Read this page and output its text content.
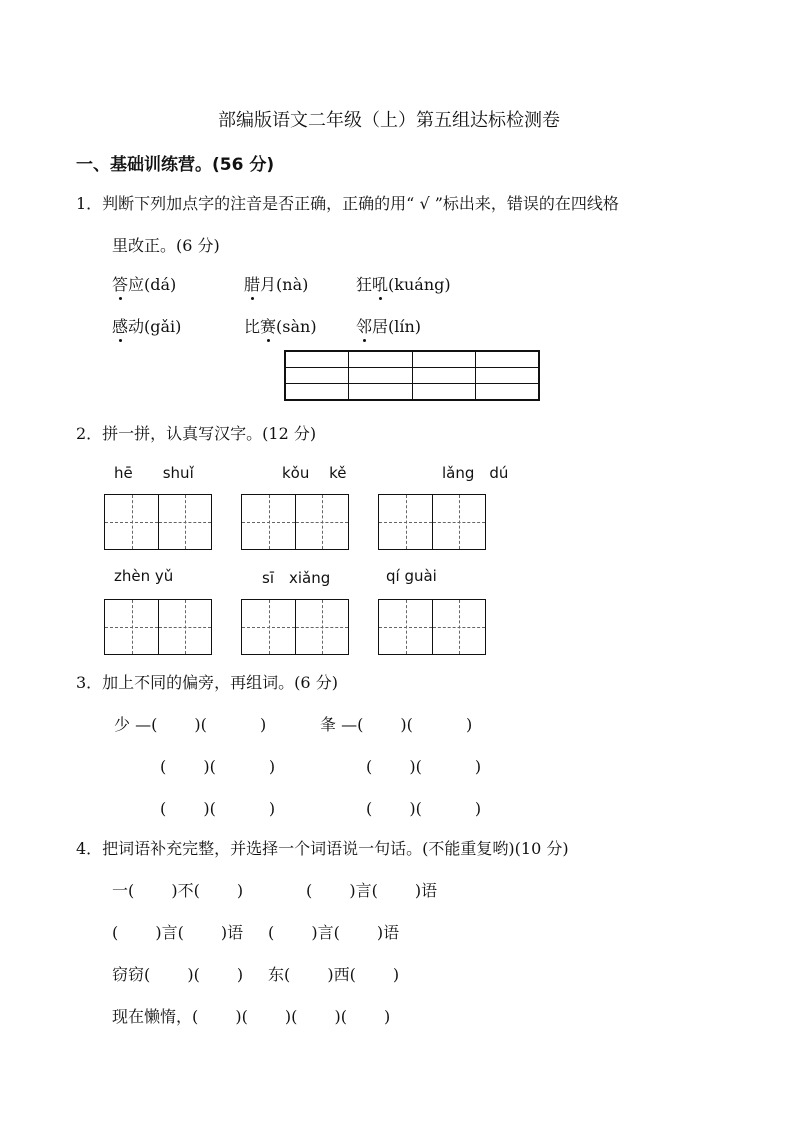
部编版语文二年级（上）第五组达标检测卷
一、基础训练营。(56 分)
1．判断下列加点字的注音是否正确，正确的用“ √ ”标出来，错误的在四线格
里改正。(6 分)
答应(dá)	腊月(nà)	狂吼(kuáng)
感动(gǎi)	比赛(sàn) 邻居(lín)

2．拼一拼，认真写汉字。(12 分)
hē　　shuǐ	kǒu　 kě	lǎng　dú
zhèn yǔ	sī　xiǎng	qí guài
3．加上不同的偏旁，再组词。(6 分)
少 —(　　 )(　　　 )	夆 —(　　 )(　　　 )
(　　 )(　　　 )	(　　 )(　　　 )
(　　 )(　　　 )	(　　 )(　　　 )
4．把词语补充完整，并选择一个词语说一句话。(不能重复哟)(10 分)
一(　　 )不(　　 )	(　　 )言(　　 )语
(　　 )言(　　 )语 (　　 )言(　　 )语
窃窃(　　 )(　　 ) 东(　　 )西(　　 )
现在懒惰，(　　 )(　　 )(　　 )(　　 )
